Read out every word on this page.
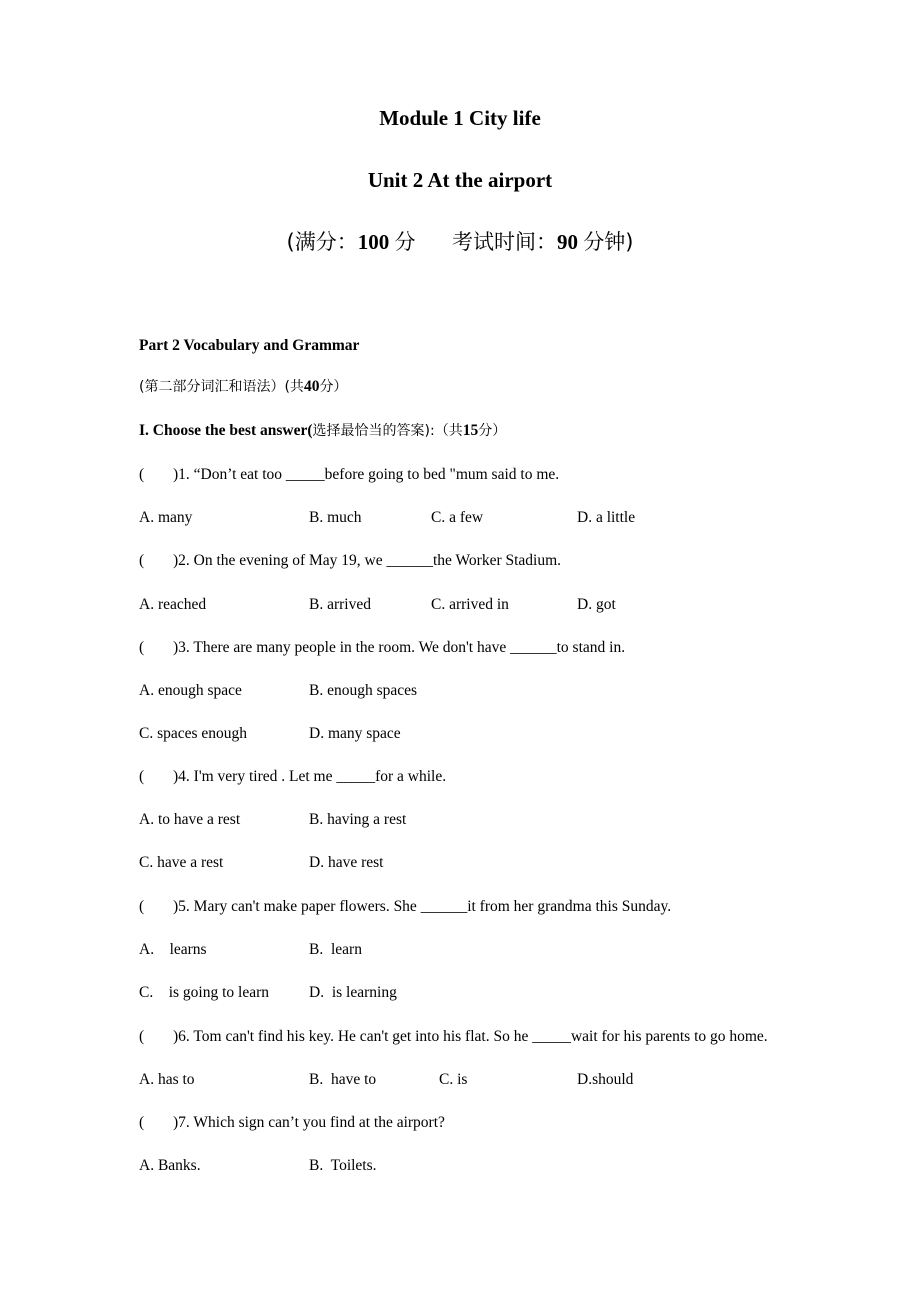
Module 1 City life
Unit 2 At the airport
(满分：100 分 考试时间：90 分钟)
Part 2 Vocabulary and Grammar
(第二部分词汇和语法）(共40分）
I. Choose the best answer(选择最恰当的答案):（共15分）
( )1. “Don’t eat too _____before going to bed "mum said to me.
A. many	B. much	C. a few	D. a little
( )2. On the evening of May 19, we ______the Worker Stadium.
A. reached	B. arrived	C. arrived in	D. got
( )3. There are many people in the room. We don't have ______to stand in.
A. enough space	B. enough spaces
C. spaces enough	D. many space
( )4. I'm very tired . Let me _____for a while.
A. to have a rest	B. having a rest
C. have a rest	D. have rest
( )5. Mary can't make paper flowers. She ______it from her grandma this Sunday.
A.    learns	B.  learn
C.    is going to learn	D.  is learning
( )6. Tom can't find his key. He can't get into his flat. So he _____wait for his parents to go home.
A. has to	B.  have to	C. is	D.should
( )7. Which sign can’t you find at the airport?
A. Banks.	B.  Toilets.
